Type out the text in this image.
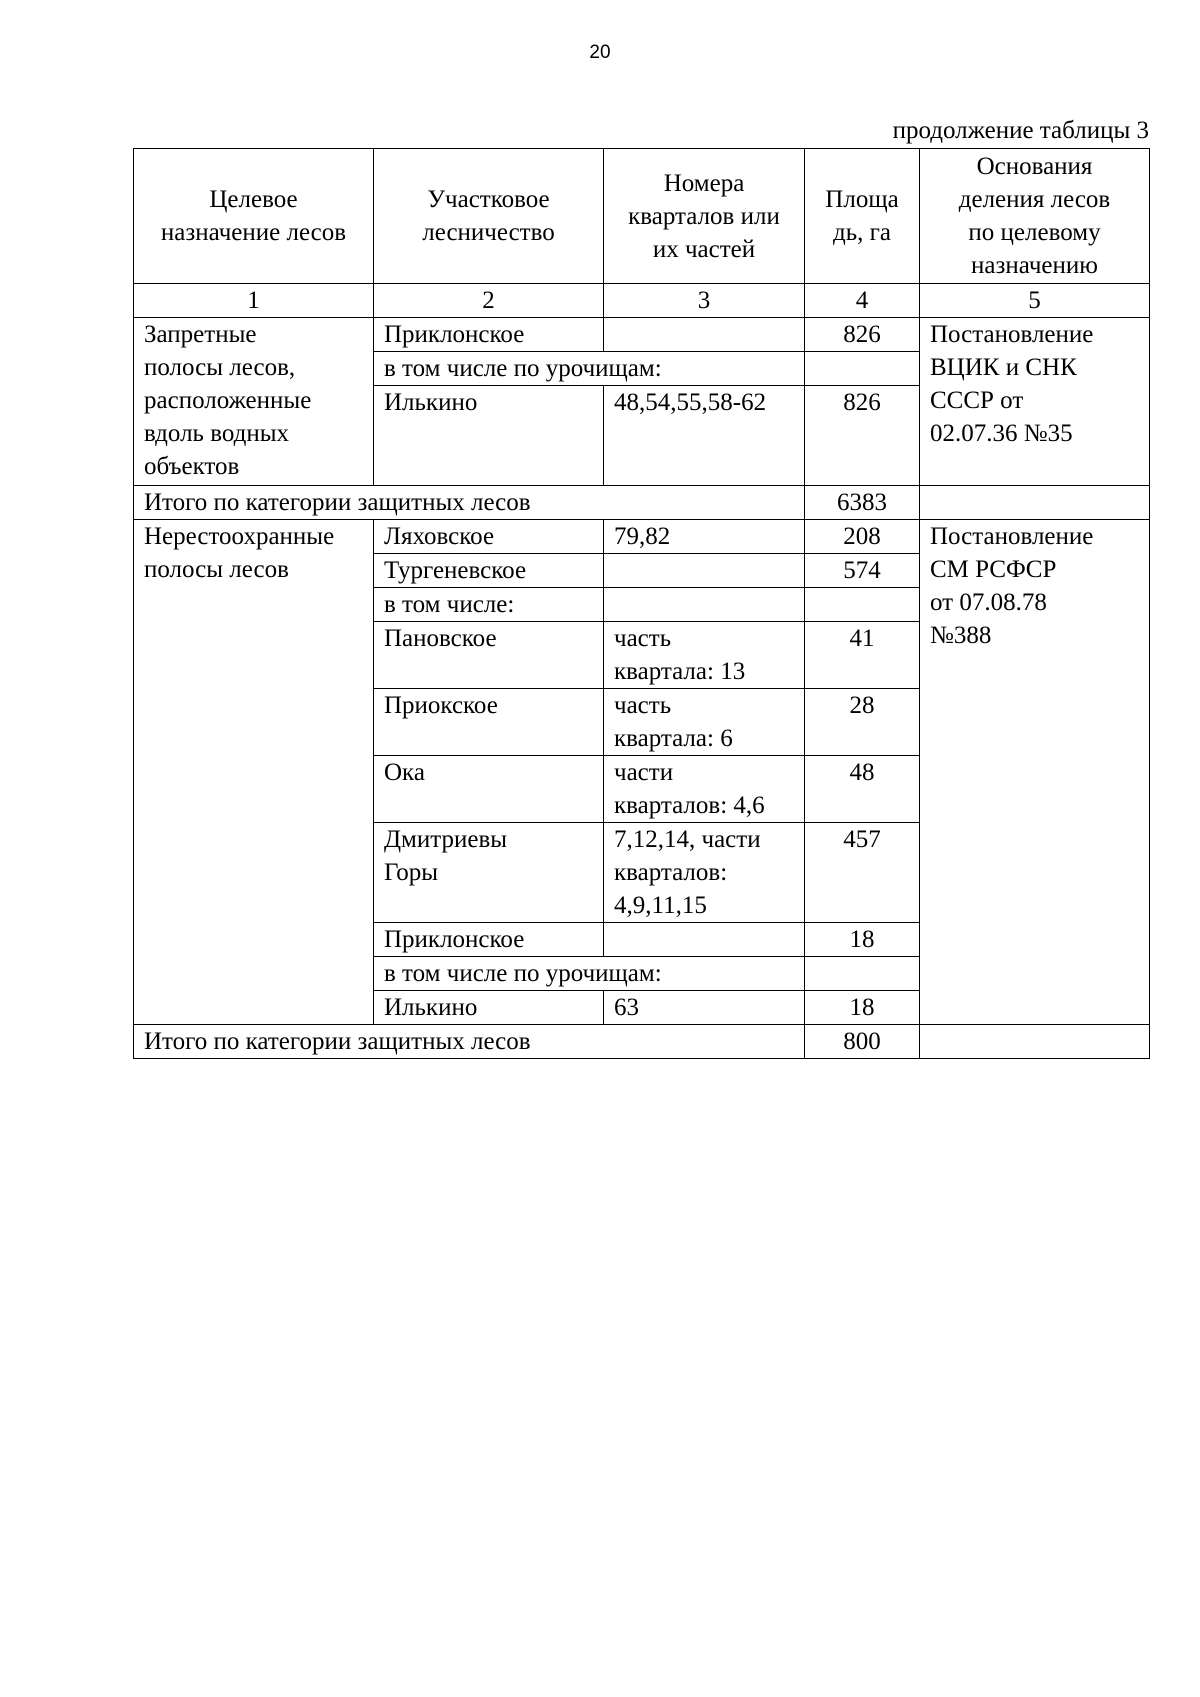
20
продолжение таблицы 3
Целевое
назначение лесов	Участковое
лесничество	Номера
кварталов или
их частей	Площа
дь, га	Основания
деления лесов
по целевому
назначению
1	2	3	4	5
Запретные
полосы лесов,
расположенные
вдоль водных
объектов	Приклонское		826	Постановление
ВЦИК и СНК
СССР от
02.07.36 №35
	в том числе по урочищам:			
	Илькино	48,54,55,58-62	826	
Итого по категории защитных лесов			6383	
Нерестоохранные
полосы лесов	Ляховское	79,82	208	Постановление
СМ РСФСР
от 07.08.78
№388
	Тургеневское		574	
	в том числе:			
	Пановское	часть
квартала: 13	41	
	Приокское	часть
квартала: 6	28	
	Ока	части
кварталов: 4,6	48	
	Дмитриевы
Горы	7,12,14, части
кварталов:
4,9,11,15	457	
	Приклонское		18	
	в том числе по урочищам:			
	Илькино	63	18	
Итого по категории защитных лесов			800	
